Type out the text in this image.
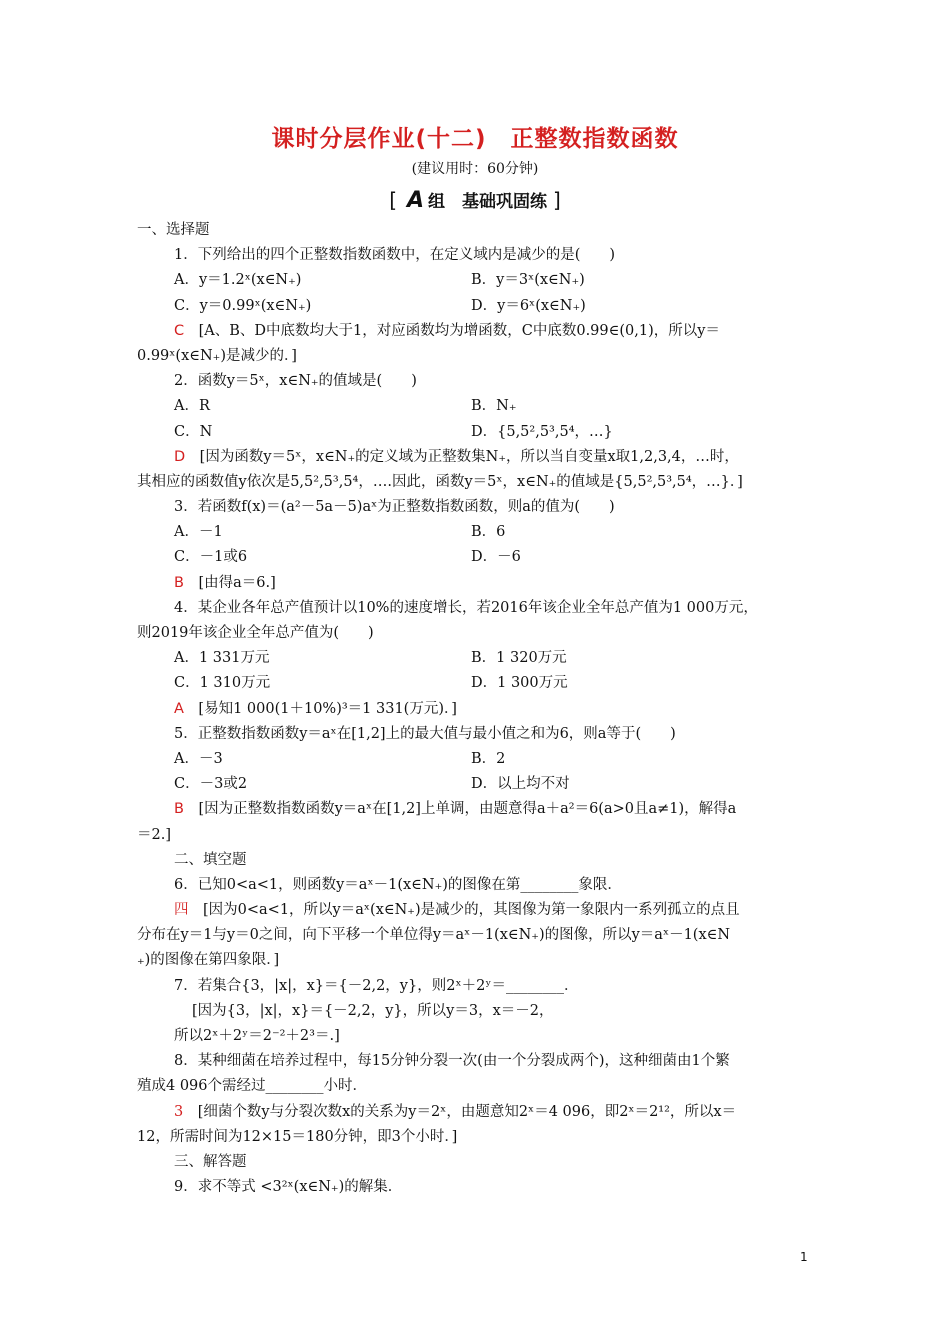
课时分层作业(十二)　正整数指数函数
(建议用时：60分钟)
[ A 组　基础巩固练 ]
一、选择题
1．下列给出的四个正整数指数函数中，在定义域内是减少的是(　　)
A．y＝1.2ˣ(x∈N₊)	B．y＝3ˣ(x∈N₊)
C．y＝0.99ˣ(x∈N₊)	D．y＝6ˣ(x∈N₊)
C　 [A、B、D中底数均大于1，对应函数均为增函数，C中底数0.99∈(0,1)，所以y＝
0.99ˣ(x∈N₊)是减少的．]
2．函数y＝5ˣ，x∈N₊的值域是(　　)
A．R	B．N₊
C．N	D．{5,5²,5³,5⁴，…}
D　 [因为函数y＝5ˣ，x∈N₊的定义域为正整数集N₊，所以当自变量x取1,2,3,4，…时，
其相应的函数值y依次是5,5²,5³,5⁴，….因此，函数y＝5ˣ，x∈N₊的值域是{5,5²,5³,5⁴，…}．]
3．若函数f(x)＝(a²－5a－5)aˣ为正整数指数函数，则a的值为(　　)
A．－1	B．6
C．－1或6	D．－6
B　 [由得a＝6.]
4．某企业各年总产值预计以10%的速度增长，若2016年该企业全年总产值为1 000万元，
则2019年该企业全年总产值为(　　)
A．1 331万元	B．1 320万元
C．1 310万元	D．1 300万元
A　 [易知1 000(1＋10%)³＝1 331(万元)．]
5．正整数指数函数y＝aˣ在[1,2]上的最大值与最小值之和为6，则a等于(　　)
A．－3	B．2
C．－3或2	D．以上均不对
B　 [因为正整数指数函数y＝aˣ在[1,2]上单调，由题意得a＋a²＝6(a>0且a≠1)，解得a
＝2.]
二、填空题
6．已知0<a<1，则函数y＝aˣ－1(x∈N₊)的图像在第________象限．
四　 [因为0<a<1，所以y＝aˣ(x∈N₊)是减少的，其图像为第一象限内一系列孤立的点且
分布在y＝1与y＝0之间，向下平移一个单位得y＝aˣ－1(x∈N₊)的图像，所以y＝aˣ－1(x∈N
₊)的图像在第四象限．]
7．若集合{3，|x|，x}＝{－2,2，y}，则2ˣ＋2ʸ＝________．
[因为{3，|x|，x}＝{－2,2，y}，所以y＝3，x＝－2，
所以2ˣ＋2ʸ＝2⁻²＋2³＝.]
8．某种细菌在培养过程中，每15分钟分裂一次(由一个分裂成两个)，这种细菌由1个繁
殖成4 096个需经过________小时．
3　 [细菌个数y与分裂次数x的关系为y＝2ˣ，由题意知2ˣ＝4 096，即2ˣ＝2¹²，所以x＝
12，所需时间为12×15＝180分钟，即3个小时．]
三、解答题
9．求不等式 <3²ˣ(x∈N₊)的解集．
1
